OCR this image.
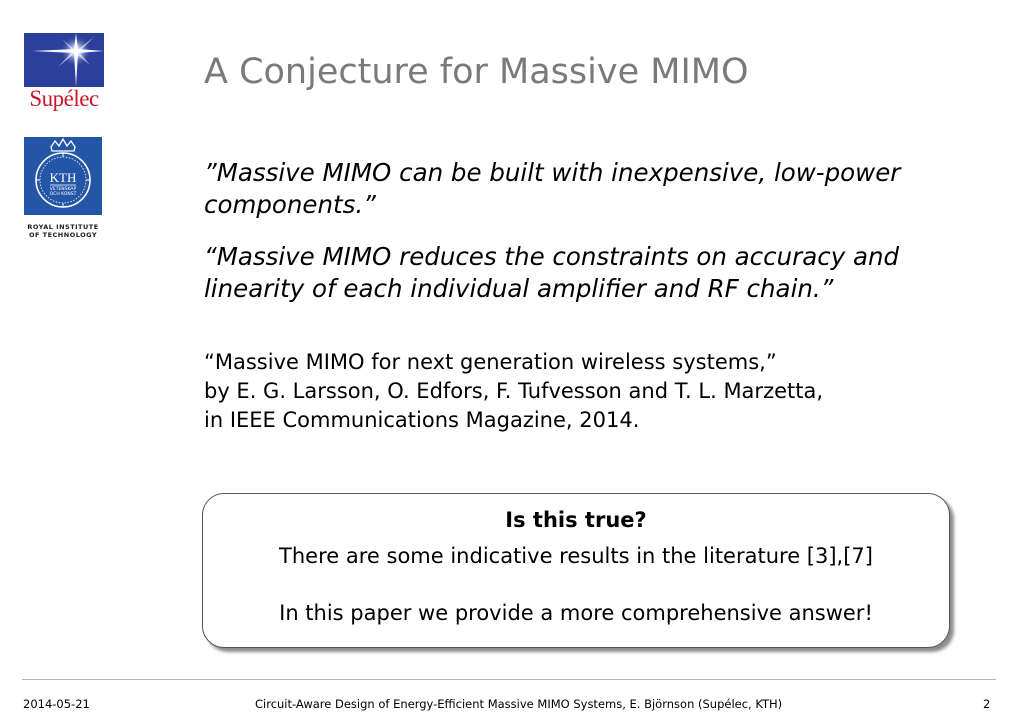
Supélec
KTH
VETENSKAP
OCH KONST
ROYAL INSTITUTE
OF TECHNOLOGY
A Conjecture for Massive MIMO
”Massive MIMO can be built with inexpensive, low-power components.”
“Massive MIMO reduces the constraints on accuracy and linearity of each individual amplifier and RF chain.”
“Massive MIMO for next generation wireless systems,”
by E. G. Larsson, O. Edfors, F. Tufvesson and T. L. Marzetta,
in IEEE Communications Magazine, 2014.
Is this true?
There are some indicative results in the literature [3],[7]
In this paper we provide a more comprehensive answer!
2014-05-21	Circuit-Aware Design of Energy-Efficient Massive MIMO Systems, E. Björnson (Supélec, KTH)	2
